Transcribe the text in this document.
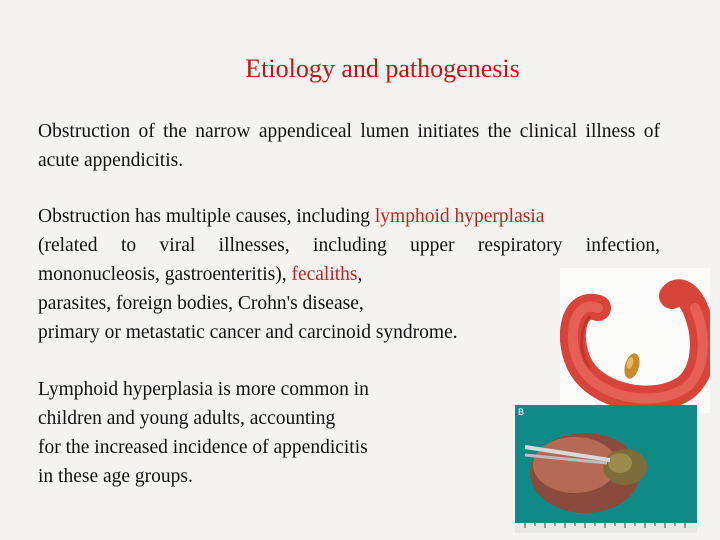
Etiology and pathogenesis
Obstruction of the narrow appendiceal lumen initiates the clinical illness of acute appendicitis.
Obstruction has multiple causes, including lymphoid hyperplasia
(related to viral illnesses, including upper respiratory infection,
mononucleosis, gastroenteritis), fecaliths,
parasites, foreign bodies, Crohn's disease,
primary or metastatic cancer and carcinoid syndrome.
Lymphoid hyperplasia is more common in
children and young adults, accounting
for the increased incidence of appendicitis
in these age groups.
B
